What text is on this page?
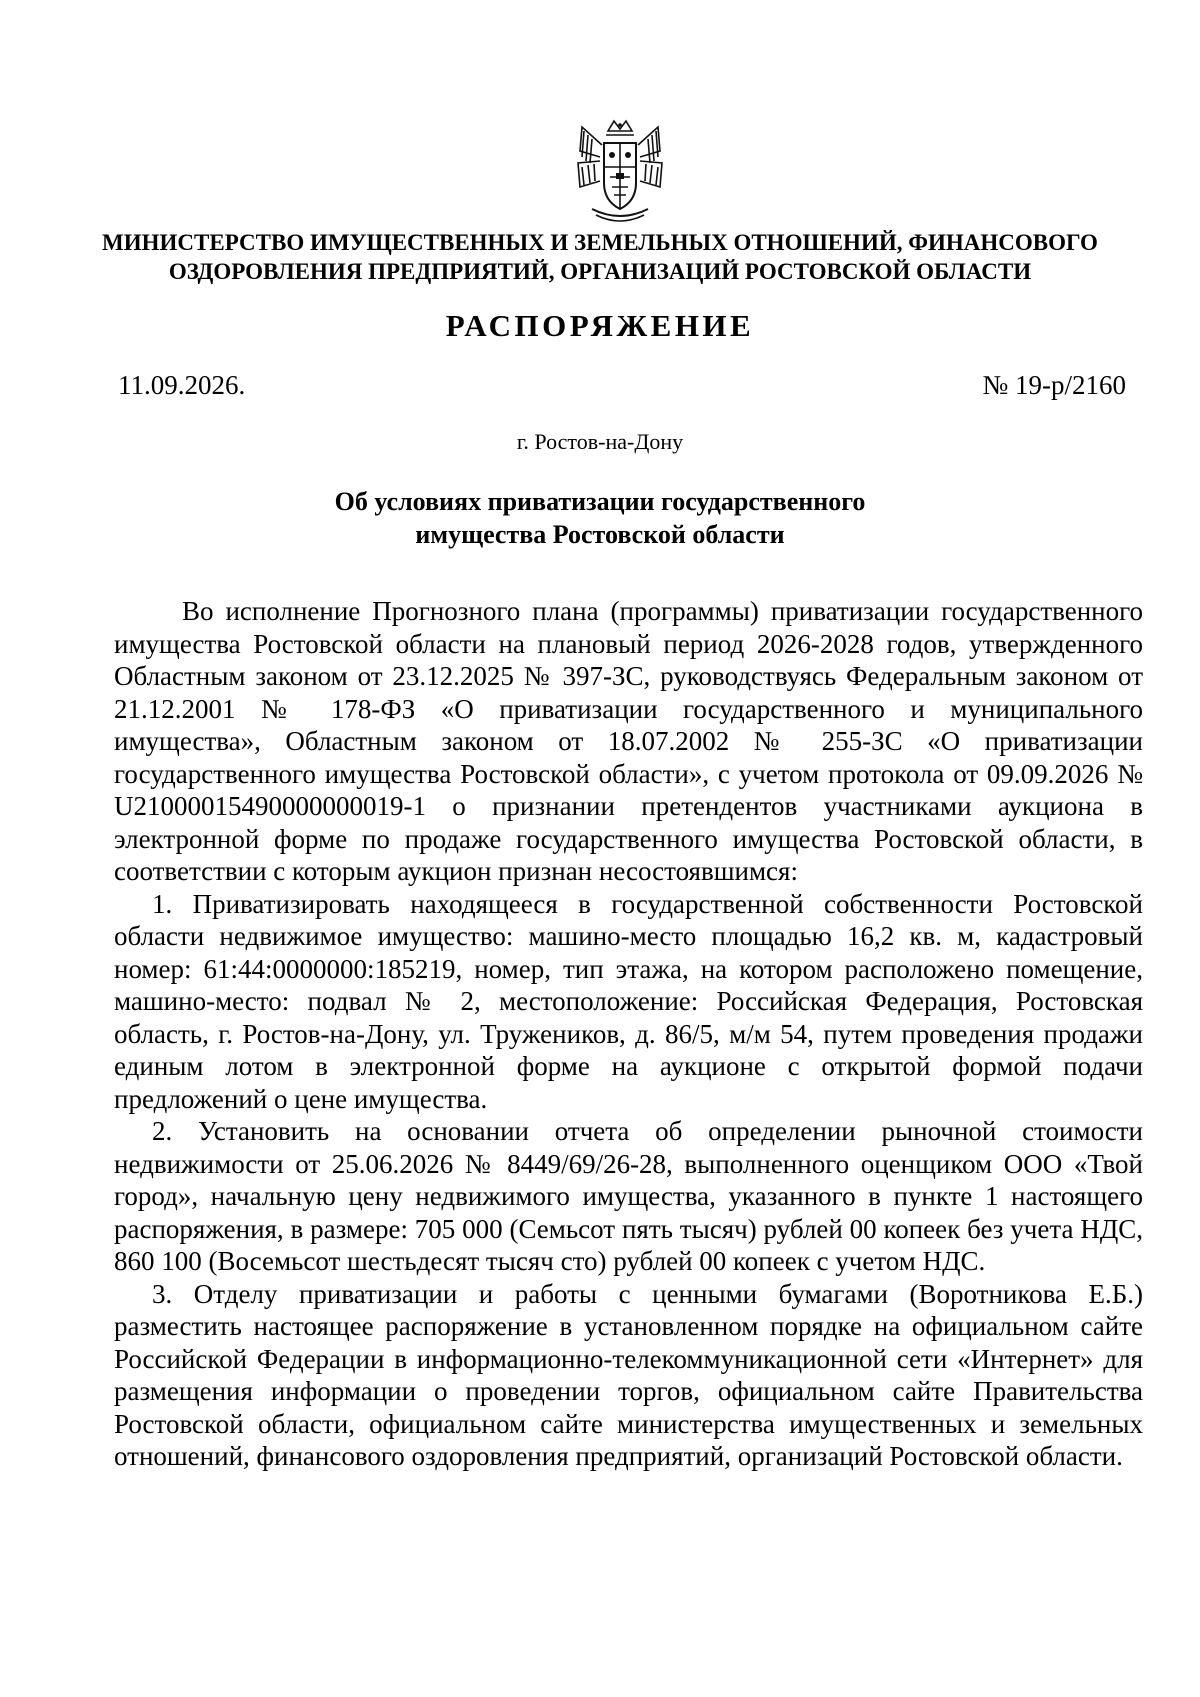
МИНИСТЕРСТВО ИМУЩЕСТВЕННЫХ И ЗЕМЕЛЬНЫХ ОТНОШЕНИЙ, ФИНАНСОВОГО
ОЗДОРОВЛЕНИЯ ПРЕДПРИЯТИЙ, ОРГАНИЗАЦИЙ РОСТОВСКОЙ ОБЛАСТИ
РАСПОРЯЖЕНИЕ
11.09.2026.	№ 19-р/2160
г. Ростов-на-Дону
Об условиях приватизации государственного
имущества Ростовской области

Во исполнение Прогнозного плана (программы) приватизации государственного имущества Ростовской области на плановый период 2026-2028 годов, утвержденного Областным законом от 23.12.2025 № 397-ЗС, руководствуясь Федеральным законом от 21.12.2001 № 178-ФЗ «О приватизации государственного и муниципального имущества», Областным законом от 18.07.2002 № 255-ЗС «О приватизации государственного имущества Ростовской области», с учетом протокола от 09.09.2026 № U21000015490000000019-1 о признании претендентов участниками аукциона в электронной форме по продаже государственного имущества Ростовской области, в соответствии с которым аукцион признан несостоявшимся:

1. Приватизировать находящееся в государственной собственности Ростовской области недвижимое имущество: машино-место площадью 16,2 кв. м, кадастровый номер: 61:44:0000000:185219, номер, тип этажа, на котором расположено помещение, машино-место: подвал № 2, местоположение: Российская Федерация, Ростовская область, г. Ростов-на-Дону, ул. Тружеников, д. 86/5, м/м 54, путем проведения продажи единым лотом в электронной форме на аукционе с открытой формой подачи предложений о цене имущества.

2. Установить на основании отчета об определении рыночной стоимости недвижимости от 25.06.2026 № 8449/69/26-28, выполненного оценщиком ООО «Твой город», начальную цену недвижимого имущества, указанного в пункте 1 настоящего распоряжения, в размере: 705 000 (Семьсот пять тысяч) рублей 00 копеек без учета НДС, 860 100 (Восемьсот шестьдесят тысяч сто) рублей 00 копеек с учетом НДС.

3. Отделу приватизации и работы с ценными бумагами (Воротникова Е.Б.) разместить настоящее распоряжение в установленном порядке на официальном сайте Российской Федерации в информационно-телекоммуникационной сети «Интернет» для размещения информации о проведении торгов, официальном сайте Правительства Ростовской области, официальном сайте министерства имущественных и земельных отношений, финансового оздоровления предприятий, организаций Ростовской области.
